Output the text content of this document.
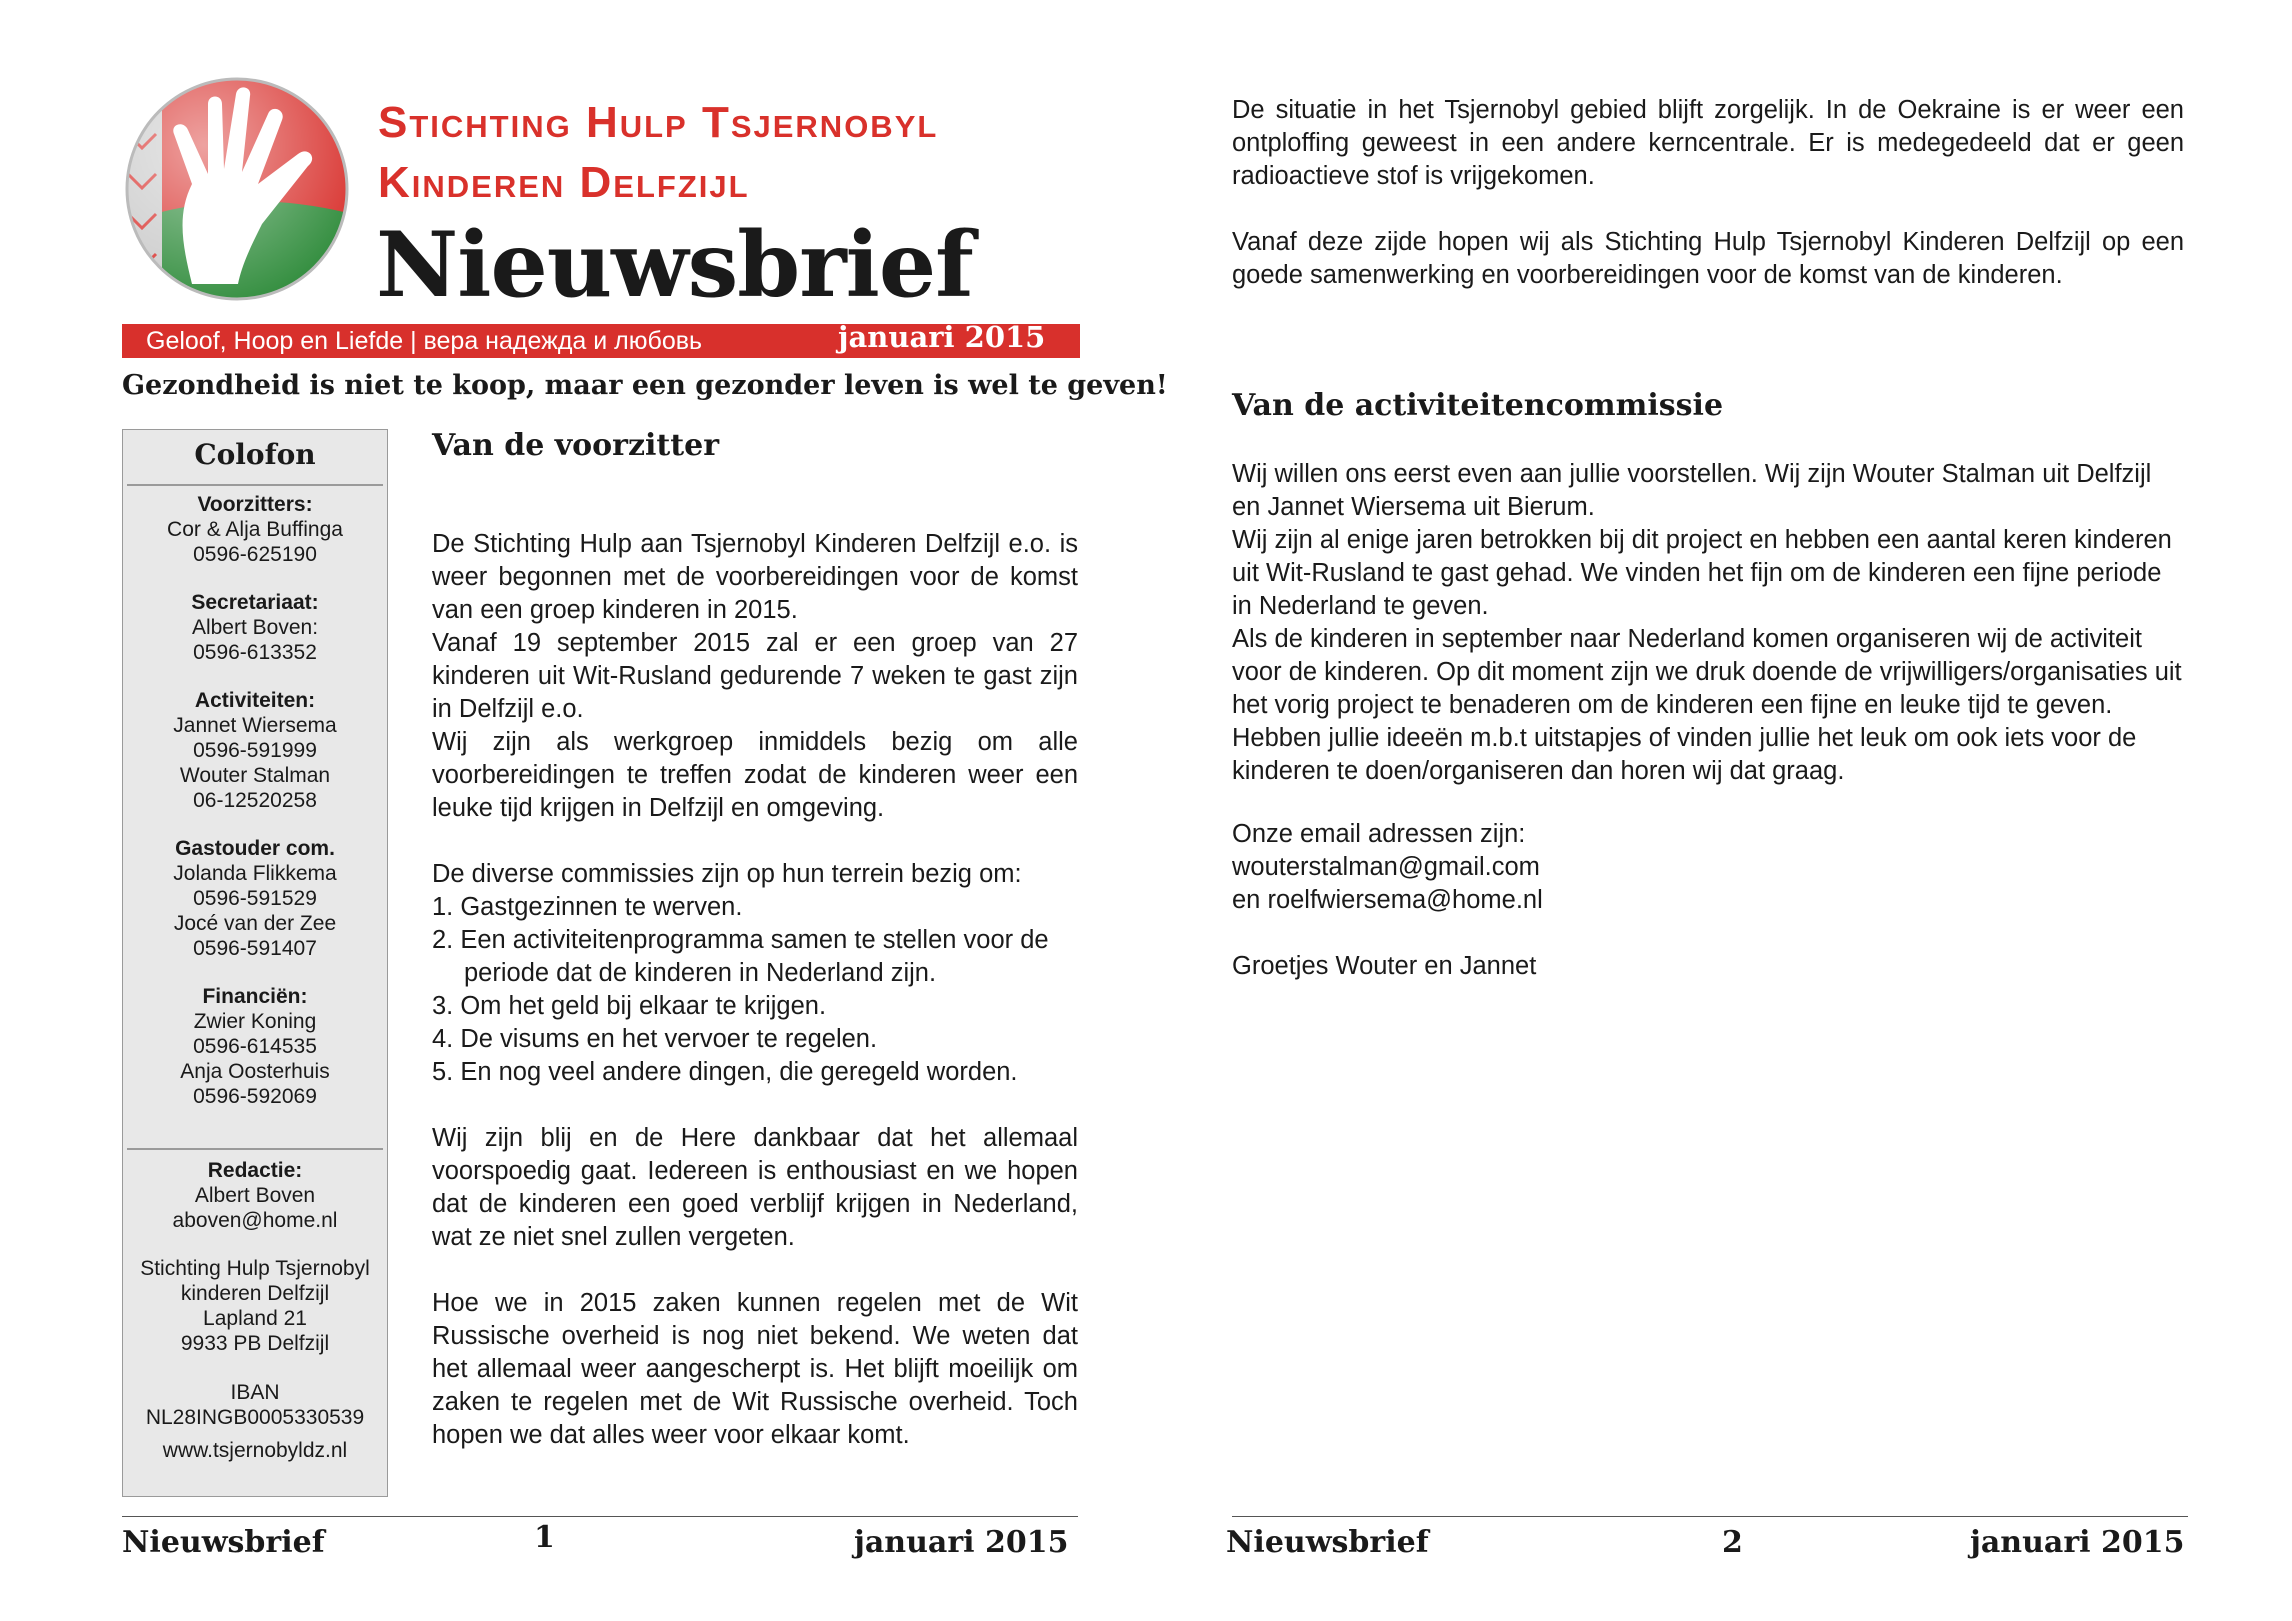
Stichting Hulp Tsjernobyl
Kinderen Delfzijl
Nieuwsbrief
Geloof, Hoop en Liefde | вера надежда и любовь	januari 2015
Gezondheid is niet te koop, maar een gezonder leven is wel te geven!
Colofon
Voorzitters:
Cor & Alja Buffinga
0596-625190
Secretariaat:
Albert Boven:
0596-613352
Activiteiten:
Jannet Wiersema
0596-591999
Wouter Stalman
06-12520258
Gastouder com.
Jolanda Flikkema
0596-591529
Jocé van der Zee
0596-591407
Financiën:
Zwier Koning
0596-614535
Anja Oosterhuis
0596-592069
Redactie:
Albert Boven
aboven@home.nl
Stichting Hulp Tsjernobyl
kinderen Delfzijl
Lapland 21
9933 PB Delfzijl
IBAN
NL28INGB0005330539
www.tsjernobyldz.nl
Van de voorzitter

De Stichting Hulp aan Tsjernobyl Kinderen Delfzijl e.o. is weer begonnen met de voorbereidingen voor de komst van een groep kinderen in 2015.

Vanaf 19 september 2015 zal er een groep van 27 kinderen uit Wit-Rusland gedurende 7 weken te gast zijn in Delfzijl e.o.

Wij zijn als werkgroep inmiddels bezig om alle voorbereidingen te treffen zodat de kinderen weer een leuke tijd krijgen in Delfzijl en omgeving.

De diverse commissies zijn op hun terrein bezig om:
1. Gastgezinnen te werven.
2. Een activiteitenprogramma samen te stellen voor de periode dat de kinderen in Nederland zijn.
3. Om het geld bij elkaar te krijgen.
4. De visums en het vervoer te regelen.
5. En nog veel andere dingen, die geregeld worden.
Wij zijn blij en de Here dankbaar dat het allemaal voorspoedig gaat. Iedereen is enthousiast en we hopen dat de kinderen een goed verblijf krijgen in Nederland, wat ze niet snel zullen vergeten.
Hoe we in 2015 zaken kunnen regelen met de Wit Russische overheid is nog niet bekend. We weten dat het allemaal weer aangescherpt is. Het blijft moeilijk om zaken te regelen met de Wit Russische overheid. Toch hopen we dat alles weer voor elkaar komt.
Nieuwsbrief	1	januari 2015
De situatie in het Tsjernobyl gebied blijft zorgelijk. In de Oekraine is er weer een ontploffing geweest in een andere kerncentrale. Er is medegedeeld dat er geen radioactieve stof is vrijgekomen.
Vanaf deze zijde hopen wij als Stichting Hulp Tsjernobyl Kinderen Delfzijl op een goede samenwerking en voorbereidingen voor de komst van de kinderen.
Van de activiteitencommissie

Wij willen ons eerst even aan jullie voorstellen. Wij zijn Wouter Stalman uit Delfzijl en Jannet Wiersema uit Bierum.

Wij zijn al enige jaren betrokken bij dit project en hebben een aantal keren kinderen uit Wit-Rusland te gast gehad. We vinden het fijn om de kinderen een fijne periode in Nederland te geven.

Als de kinderen in september naar Nederland komen organiseren wij de activiteit voor de kinderen. Op dit moment zijn we druk doende de vrijwilligers/organisaties uit het vorig project te benaderen om de kinderen een fijne en leuke tijd te geven. Hebben jullie ideeën m.b.t uitstapjes of vinden jullie het leuk om ook iets voor de kinderen te doen/organiseren dan horen wij dat graag.

Onze email adressen zijn:
wouterstalman@gmail.com
en roelfwiersema@home.nl
Groetjes Wouter en Jannet
Nieuwsbrief	2	januari 2015
